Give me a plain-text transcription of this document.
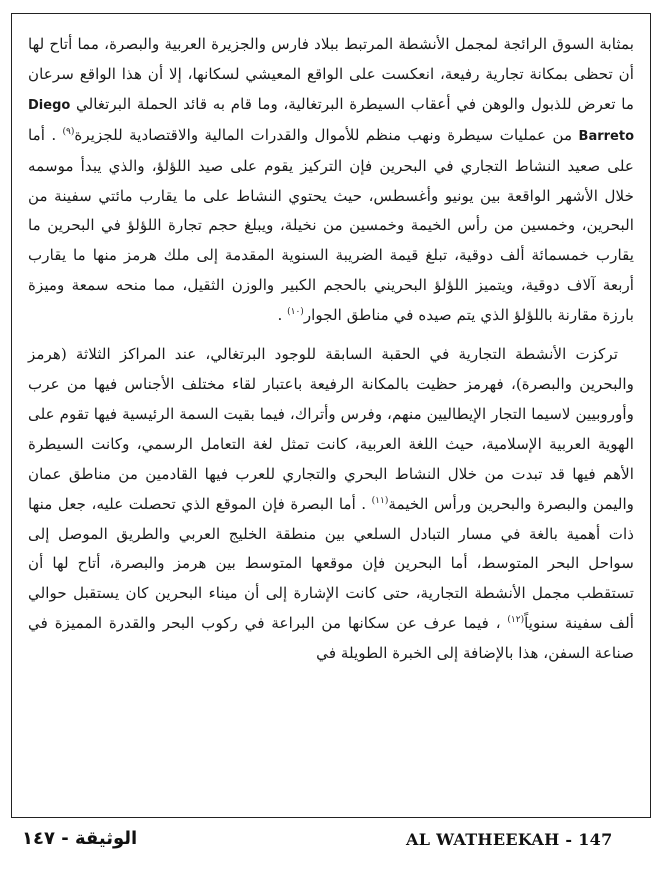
بمثابة السوق الرائجة لمجمل الأنشطة المرتبط ببلاد فارس والجزيرة العربية والبصرة، مما أتاح لها أن تحظى بمكانة تجارية رفيعة، انعكست على الواقع المعيشي لسكانها، إلا أن هذا الواقع سرعان ما تعرض للذبول والوهن في أعقاب السيطرة البرتغالية، وما قام به قائد الحملة البرتغالي Diego Barreto من عمليات سيطرة ونهب منظم للأموال والقدرات المالية والاقتصادية للجزيرة$^{(٩)}$ . أما على صعيد النشاط التجاري في البحرين فإن التركيز يقوم على صيد اللؤلؤ، والذي يبدأ موسمه خلال الأشهر الواقعة بين يونيو وأغسطس، حيث يحتوي النشاط على ما يقارب مائتي سفينة من البحرين، وخمسين من رأس الخيمة وخمسين من نخيلة، ويبلغ حجم تجارة اللؤلؤ في البحرين ما يقارب خمسمائة ألف دوقية، تبلغ قيمة الضريبة السنوية المقدمة إلى ملك هرمز منها ما يقارب أربعة آلاف دوقية، ويتميز اللؤلؤ البحريني بالحجم الكبير والوزن الثقيل، مما منحه سمعة وميزة بارزة مقارنة باللؤلؤ الذي يتم صيده في مناطق الجوار$^{(١٠)}$ .

تركزت الأنشطة التجارية في الحقبة السابقة للوجود البرتغالي، عند المراكز الثلاثة (هرمز والبحرين والبصرة)، فهرمز حظيت بالمكانة الرفيعة باعتبار لقاء مختلف الأجناس فيها من عرب وأوروبيين لاسيما التجار الإيطاليين منهم، وفرس وأتراك، فيما بقيت السمة الرئيسية فيها تقوم على الهوية العربية الإسلامية، حيث اللغة العربية، كانت تمثل لغة التعامل الرسمي، وكانت السيطرة الأهم فيها قد تبدت من خلال النشاط البحري والتجاري للعرب فيها القادمين من مناطق عمان واليمن والبصرة والبحرين ورأس الخيمة$^{(١١)}$ . أما البصرة فإن الموقع الذي تحصلت عليه، جعل منها ذات أهمية بالغة في مسار التبادل السلعي بين منطقة الخليج العربي والطريق الموصل إلى سواحل البحر المتوسط، أما البحرين فإن موقعها المتوسط بين هرمز والبصرة، أتاح لها أن تستقطب مجمل الأنشطة التجارية، حتى كانت الإشارة إلى أن ميناء البحرين كان يستقبل حوالي ألف سفينة سنوياً$^{(١٢)}$ ، فيما عرف عن سكانها من البراعة في ركوب البحر والقدرة المميزة في صناعة السفن، هذا بالإضافة إلى الخبرة الطويلة في

الوثيقة - ١٤٧	AL WATHEEKAH - 147
